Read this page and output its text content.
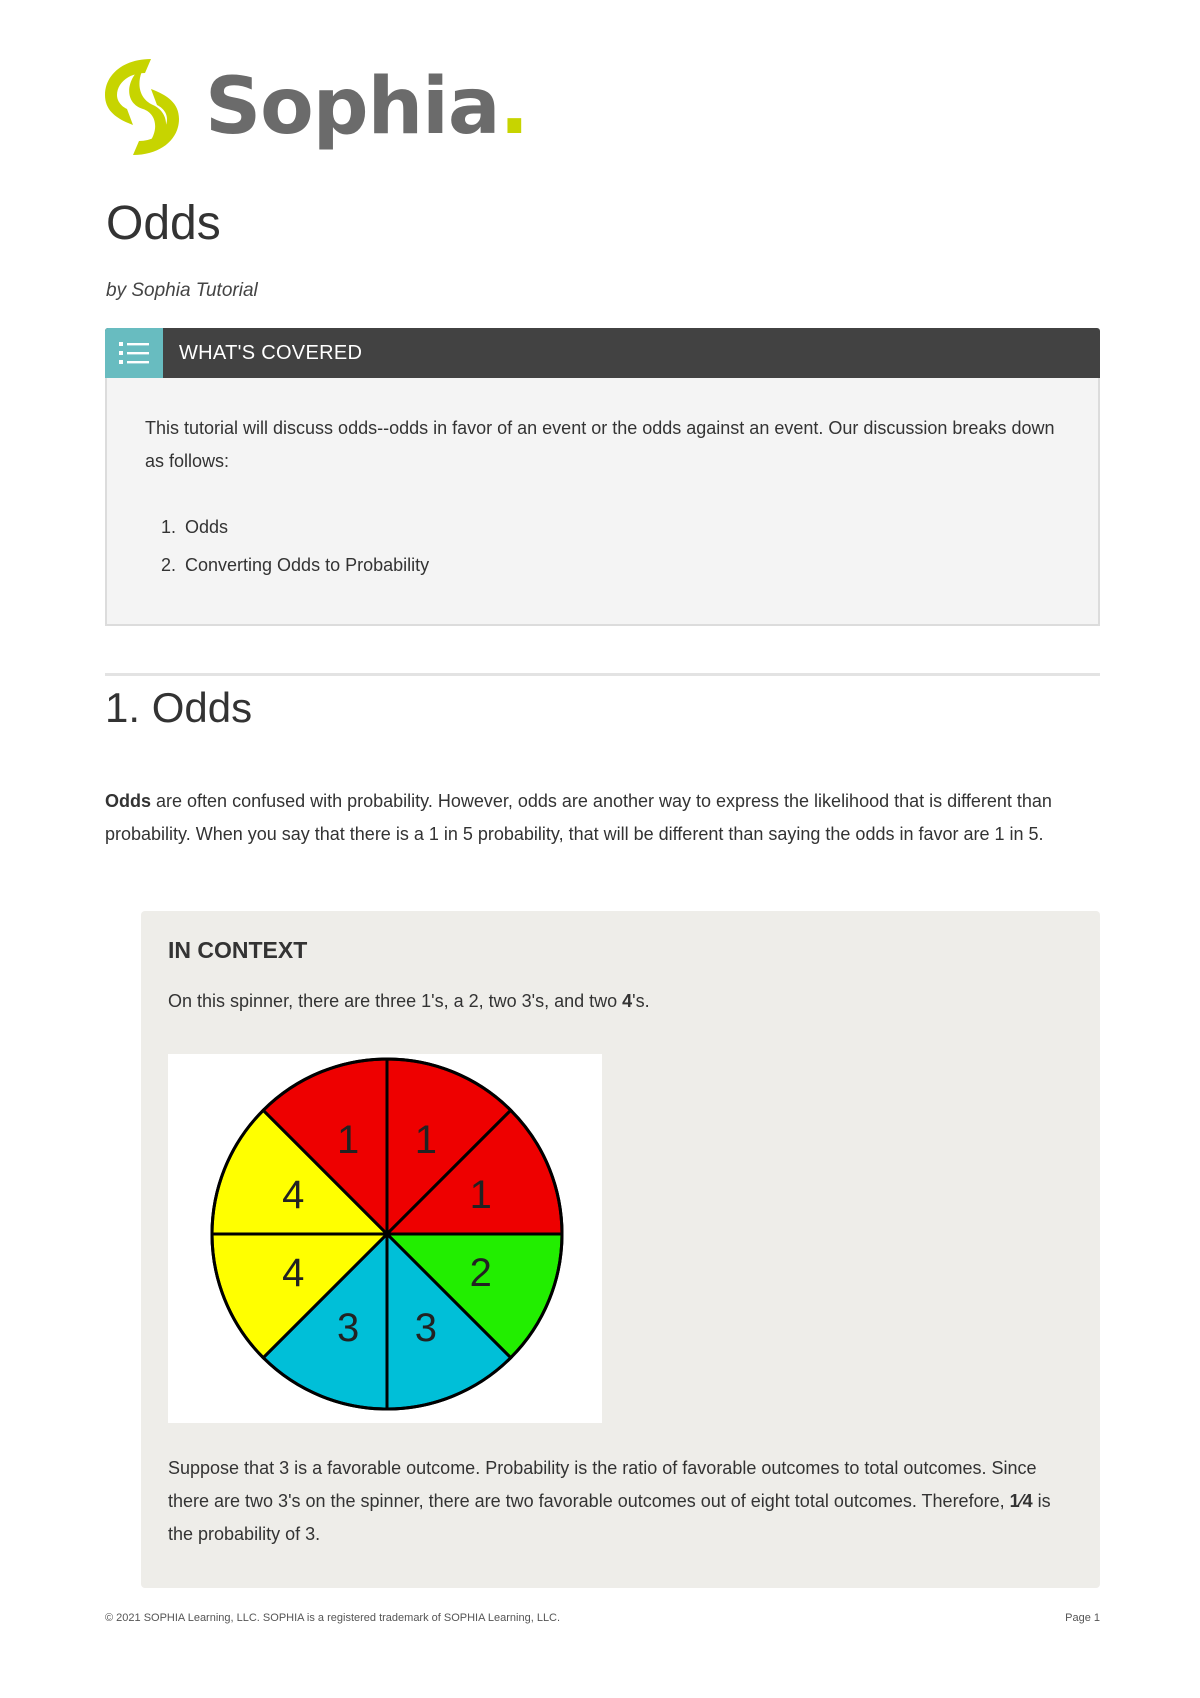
Sophia.
Odds
by Sophia Tutorial
WHAT'S COVERED

This tutorial will discuss odds--odds in favor of an event or the odds against an event. Our discussion breaks down as follows:

1. Odds
2. Converting Odds to Probability
1. Odds

Odds are often confused with probability. However, odds are another way to express the likelihood that is different than probability. When you say that there is a 1 in 5 probability, that will be different than saying the odds in favor are 1 in 5.

IN CONTEXT

On this spinner, there are three 1's, a 2, two 3's, and two 4's.

1
1
2
3
3
4
4
1

Suppose that 3 is a favorable outcome. Probability is the ratio of favorable outcomes to total outcomes. Since there are two 3's on the spinner, there are two favorable outcomes out of eight total outcomes. Therefore, 1⁄4 is the probability of 3.

© 2021 SOPHIA Learning, LLC. SOPHIA is a registered trademark of SOPHIA Learning, LLC.	Page 1
